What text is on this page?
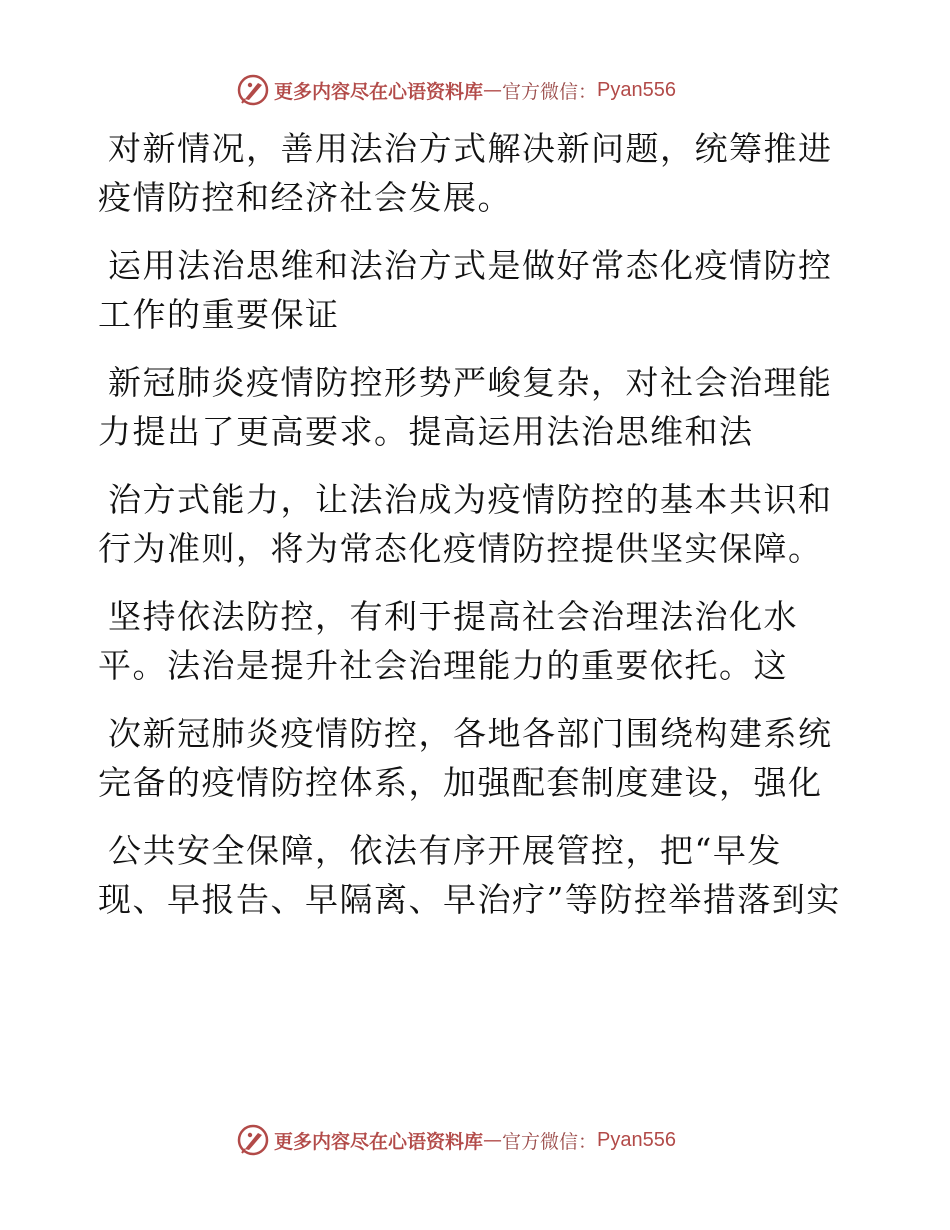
更多内容尽在心语资料库 — 官方微信： Pyan556
对新情况，善用法治方式解决新问题，统筹推进
疫情防控和经济社会发展。
运用法治思维和法治方式是做好常态化疫情防控
工作的重要保证
新冠肺炎疫情防控形势严峻复杂，对社会治理能
力提出了更高要求。提高运用法治思维和法
治方式能力，让法治成为疫情防控的基本共识和
行为准则，将为常态化疫情防控提供坚实保障。
坚持依法防控，有利于提高社会治理法治化水
平。法治是提升社会治理能力的重要依托。这
次新冠肺炎疫情防控，各地各部门围绕构建系统
完备的疫情防控体系，加强配套制度建设，强化
公共安全保障，依法有序开展管控，把“早发
现、早报告、早隔离、早治疗”等防控举措落到实
更多内容尽在心语资料库 — 官方微信： Pyan556
